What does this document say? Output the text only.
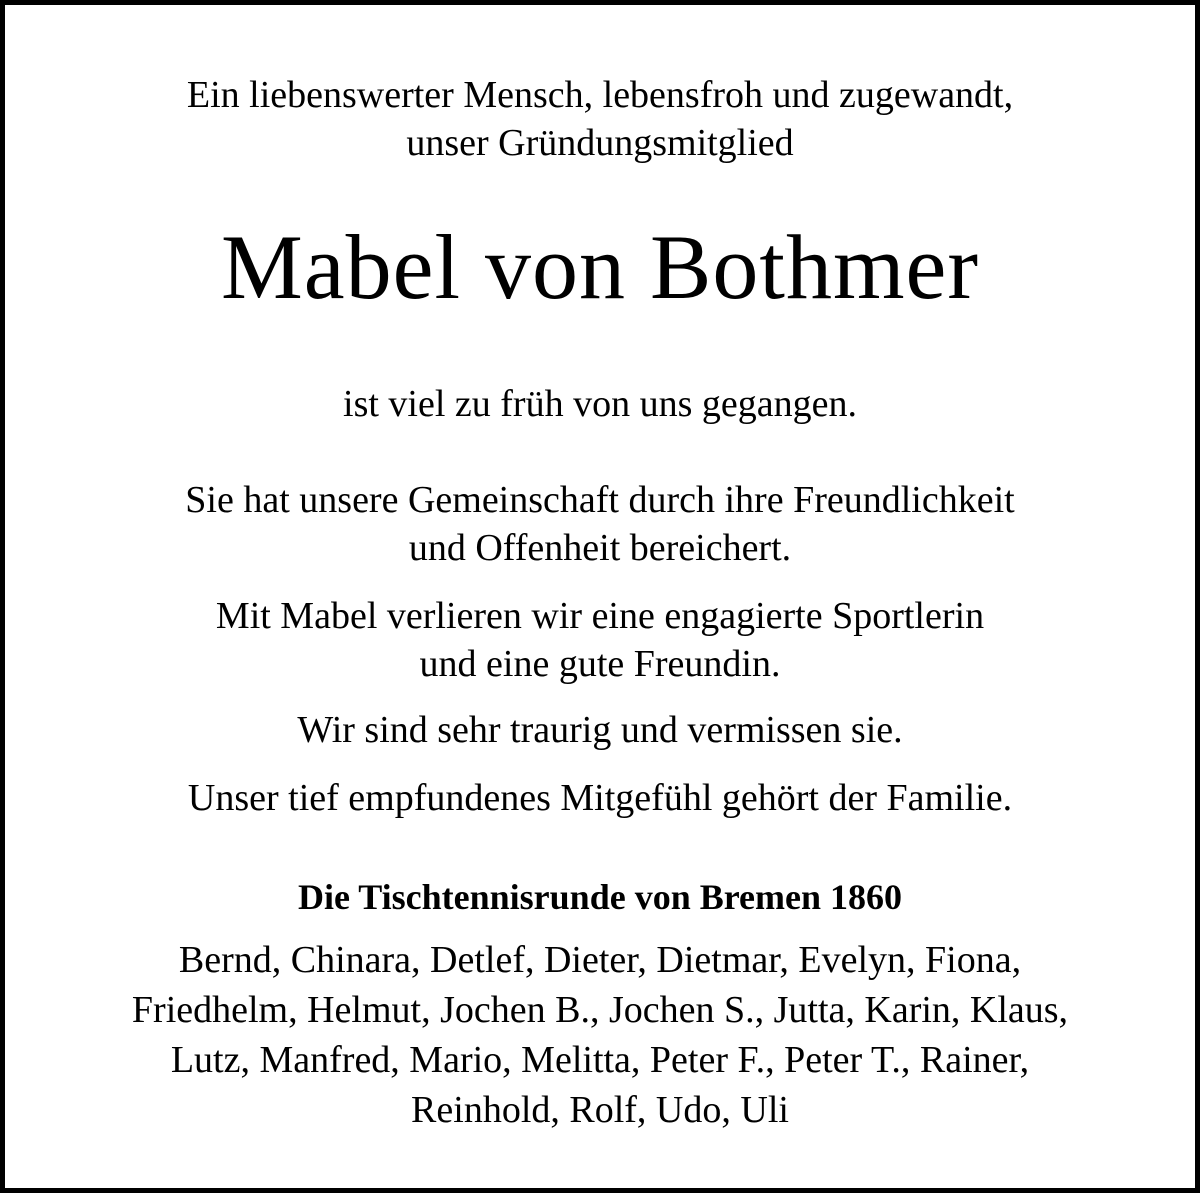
Ein liebenswerter Mensch, lebensfroh und zugewandt,

unser Gründungsmitglied

Mabel von Bothmer

ist viel zu früh von uns gegangen.

Sie hat unsere Gemeinschaft durch ihre Freundlichkeit

und Offenheit bereichert.

Mit Mabel verlieren wir eine engagierte Sportlerin

und eine gute Freundin.

Wir sind sehr traurig und vermissen sie.

Unser tief empfundenes Mitgefühl gehört der Familie.

Die Tischtennisrunde von Bremen 1860

Bernd, Chinara, Detlef, Dieter, Dietmar, Evelyn, Fiona,

Friedhelm, Helmut, Jochen B., Jochen S., Jutta, Karin, Klaus,

Lutz, Manfred, Mario, Melitta, Peter F., Peter T., Rainer,

Reinhold, Rolf, Udo, Uli
